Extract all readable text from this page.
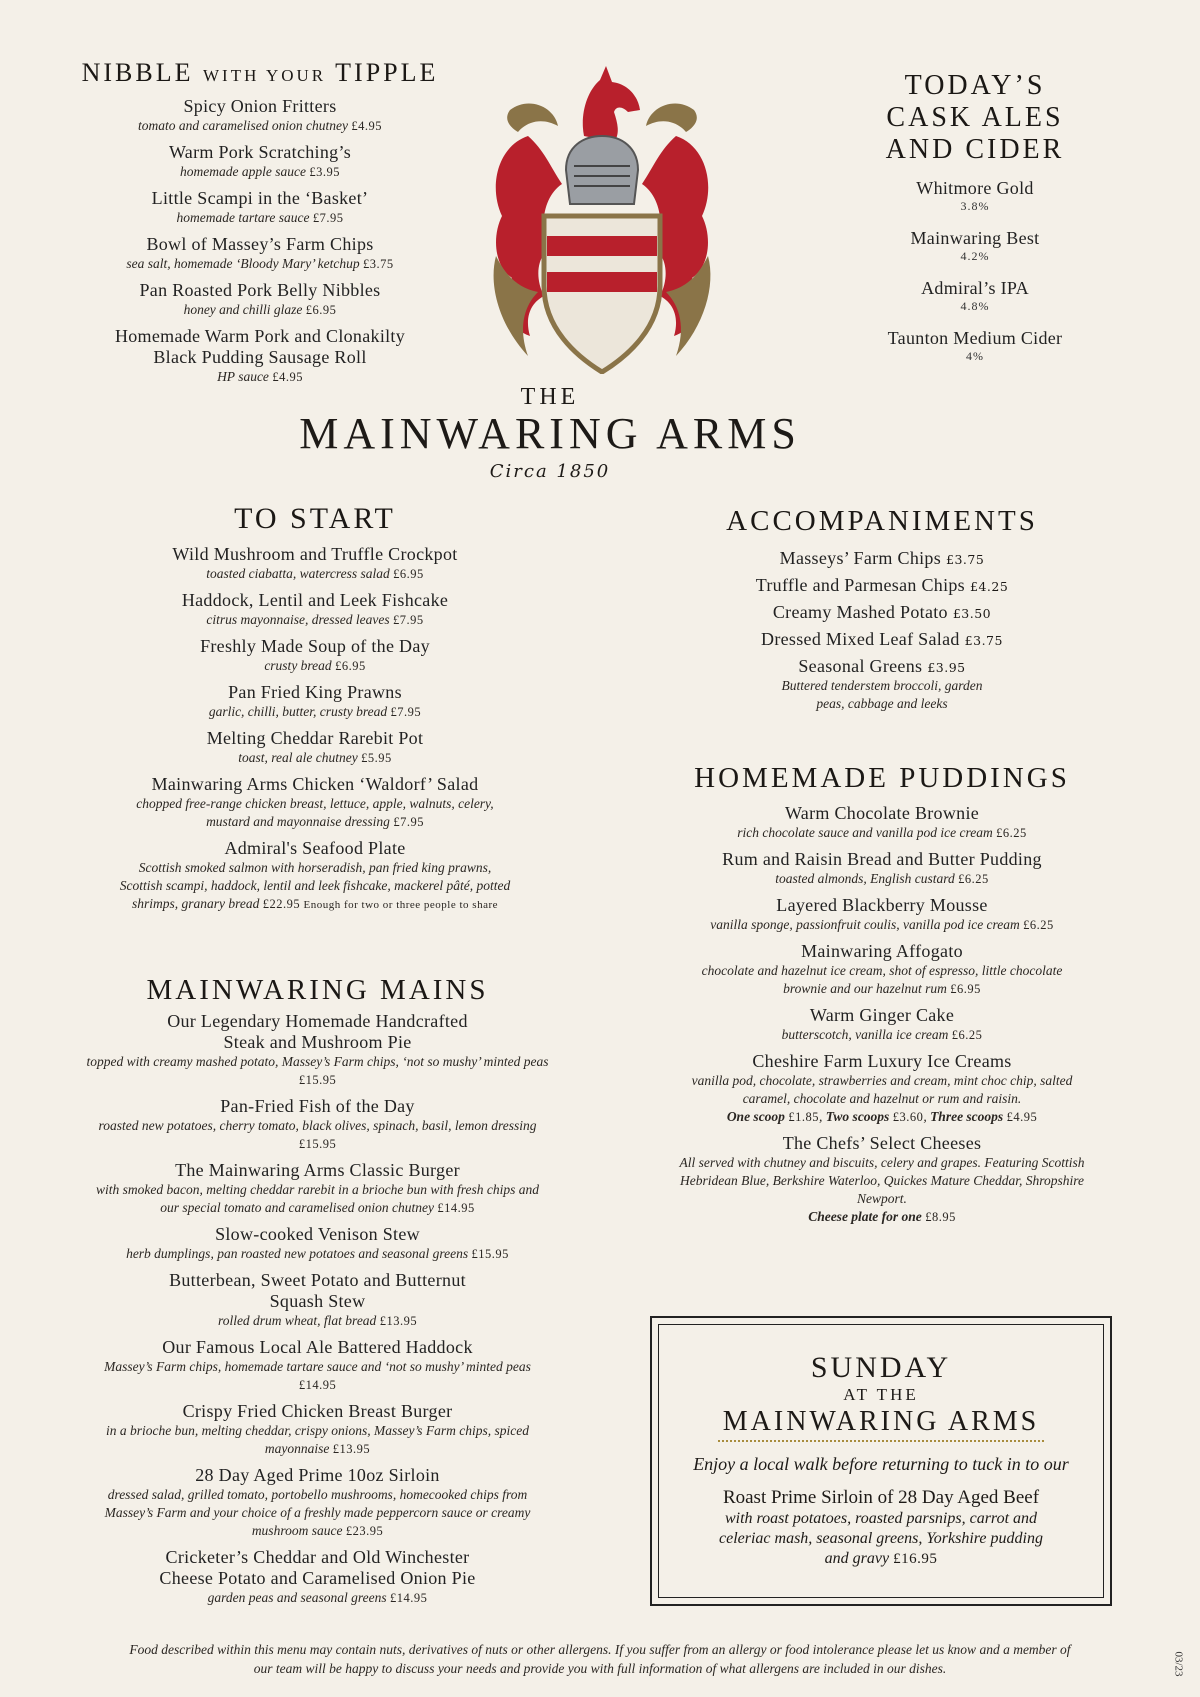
NIBBLE WITH YOUR TIPPLE
Spicy Onion Fritters
tomato and caramelised onion chutney £4.95
Warm Pork Scratching’s
homemade apple sauce £3.95
Little Scampi in the ‘Basket’
homemade tartare sauce £7.95
Bowl of Massey’s Farm Chips
sea salt, homemade ‘Bloody Mary’ ketchup £3.75
Pan Roasted Pork Belly Nibbles
honey and chilli glaze £6.95
Homemade Warm Pork and Clonakilty Black Pudding Sausage Roll
HP sauce £4.95
TODAY’S
CASK ALES
AND CIDER
Whitmore Gold
3.8%
Mainwaring Best
4.2%
Admiral’s IPA
4.8%
Taunton Medium Cider
4%
THE
MAINWARING ARMS
Circa 1850
TO START
Wild Mushroom and Truffle Crockpot
toasted ciabatta, watercress salad £6.95
Haddock, Lentil and Leek Fishcake
citrus mayonnaise, dressed leaves £7.95
Freshly Made Soup of the Day
crusty bread £6.95
Pan Fried King Prawns
garlic, chilli, butter, crusty bread £7.95
Melting Cheddar Rarebit Pot
toast, real ale chutney £5.95
Mainwaring Arms Chicken ‘Waldorf’ Salad
chopped free-range chicken breast, lettuce, apple, walnuts, celery, mustard and mayonnaise dressing £7.95
Admiral's Seafood Plate
Scottish smoked salmon with horseradish, pan fried king prawns, Scottish scampi, haddock, lentil and leek fishcake, mackerel pâté, potted shrimps, granary bread £22.95 Enough for two or three people to share
MAINWARING MAINS
Our Legendary Homemade Handcrafted Steak and Mushroom Pie
topped with creamy mashed potato, Massey’s Farm chips, ‘not so mushy’ minted peas £15.95
Pan-Fried Fish of the Day
roasted new potatoes, cherry tomato, black olives, spinach, basil, lemon dressing £15.95
The Mainwaring Arms Classic Burger
with smoked bacon, melting cheddar rarebit in a brioche bun with fresh chips and our special tomato and caramelised onion chutney £14.95
Slow-cooked Venison Stew
herb dumplings, pan roasted new potatoes and seasonal greens £15.95
Butterbean, Sweet Potato and Butternut Squash Stew
rolled drum wheat, flat bread £13.95
Our Famous Local Ale Battered Haddock
Massey’s Farm chips, homemade tartare sauce and ‘not so mushy’ minted peas £14.95
Crispy Fried Chicken Breast Burger
in a brioche bun, melting cheddar, crispy onions, Massey’s Farm chips, spiced mayonnaise £13.95
28 Day Aged Prime 10oz Sirloin
dressed salad, grilled tomato, portobello mushrooms, homecooked chips from Massey’s Farm and your choice of a freshly made peppercorn sauce or creamy mushroom sauce £23.95
Cricketer’s Cheddar and Old Winchester Cheese Potato and Caramelised Onion Pie
garden peas and seasonal greens £14.95
ACCOMPANIMENTS
Masseys’ Farm Chips £3.75
Truffle and Parmesan Chips £4.25
Creamy Mashed Potato £3.50
Dressed Mixed Leaf Salad £3.75
Seasonal Greens £3.95
Buttered tenderstem broccoli, garden peas, cabbage and leeks
HOMEMADE PUDDINGS
Warm Chocolate Brownie
rich chocolate sauce and vanilla pod ice cream £6.25
Rum and Raisin Bread and Butter Pudding
toasted almonds, English custard £6.25
Layered Blackberry Mousse
vanilla sponge, passionfruit coulis, vanilla pod ice cream £6.25
Mainwaring Affogato
chocolate and hazelnut ice cream, shot of espresso, little chocolate brownie and our hazelnut rum £6.95
Warm Ginger Cake
butterscotch, vanilla ice cream £6.25
Cheshire Farm Luxury Ice Creams
vanilla pod, chocolate, strawberries and cream, mint choc chip, salted caramel, chocolate and hazelnut or rum and raisin.
One scoop £1.85, Two scoops £3.60, Three scoops £4.95
The Chefs’ Select Cheeses
All served with chutney and biscuits, celery and grapes. Featuring Scottish Hebridean Blue, Berkshire Waterloo, Quickes Mature Cheddar, Shropshire Newport.
Cheese plate for one £8.95
SUNDAY
AT THE
MAINWARING ARMS
Enjoy a local walk before returning to tuck in to our
Roast Prime Sirloin of 28 Day Aged Beef
with roast potatoes, roasted parsnips, carrot and celeriac mash, seasonal greens, Yorkshire pudding and gravy £16.95
Food described within this menu may contain nuts, derivatives of nuts or other allergens. If you suffer from an allergy or food intolerance please let us know and a member of our team will be happy to discuss your needs and provide you with full information of what allergens are included in our dishes.	03/23
